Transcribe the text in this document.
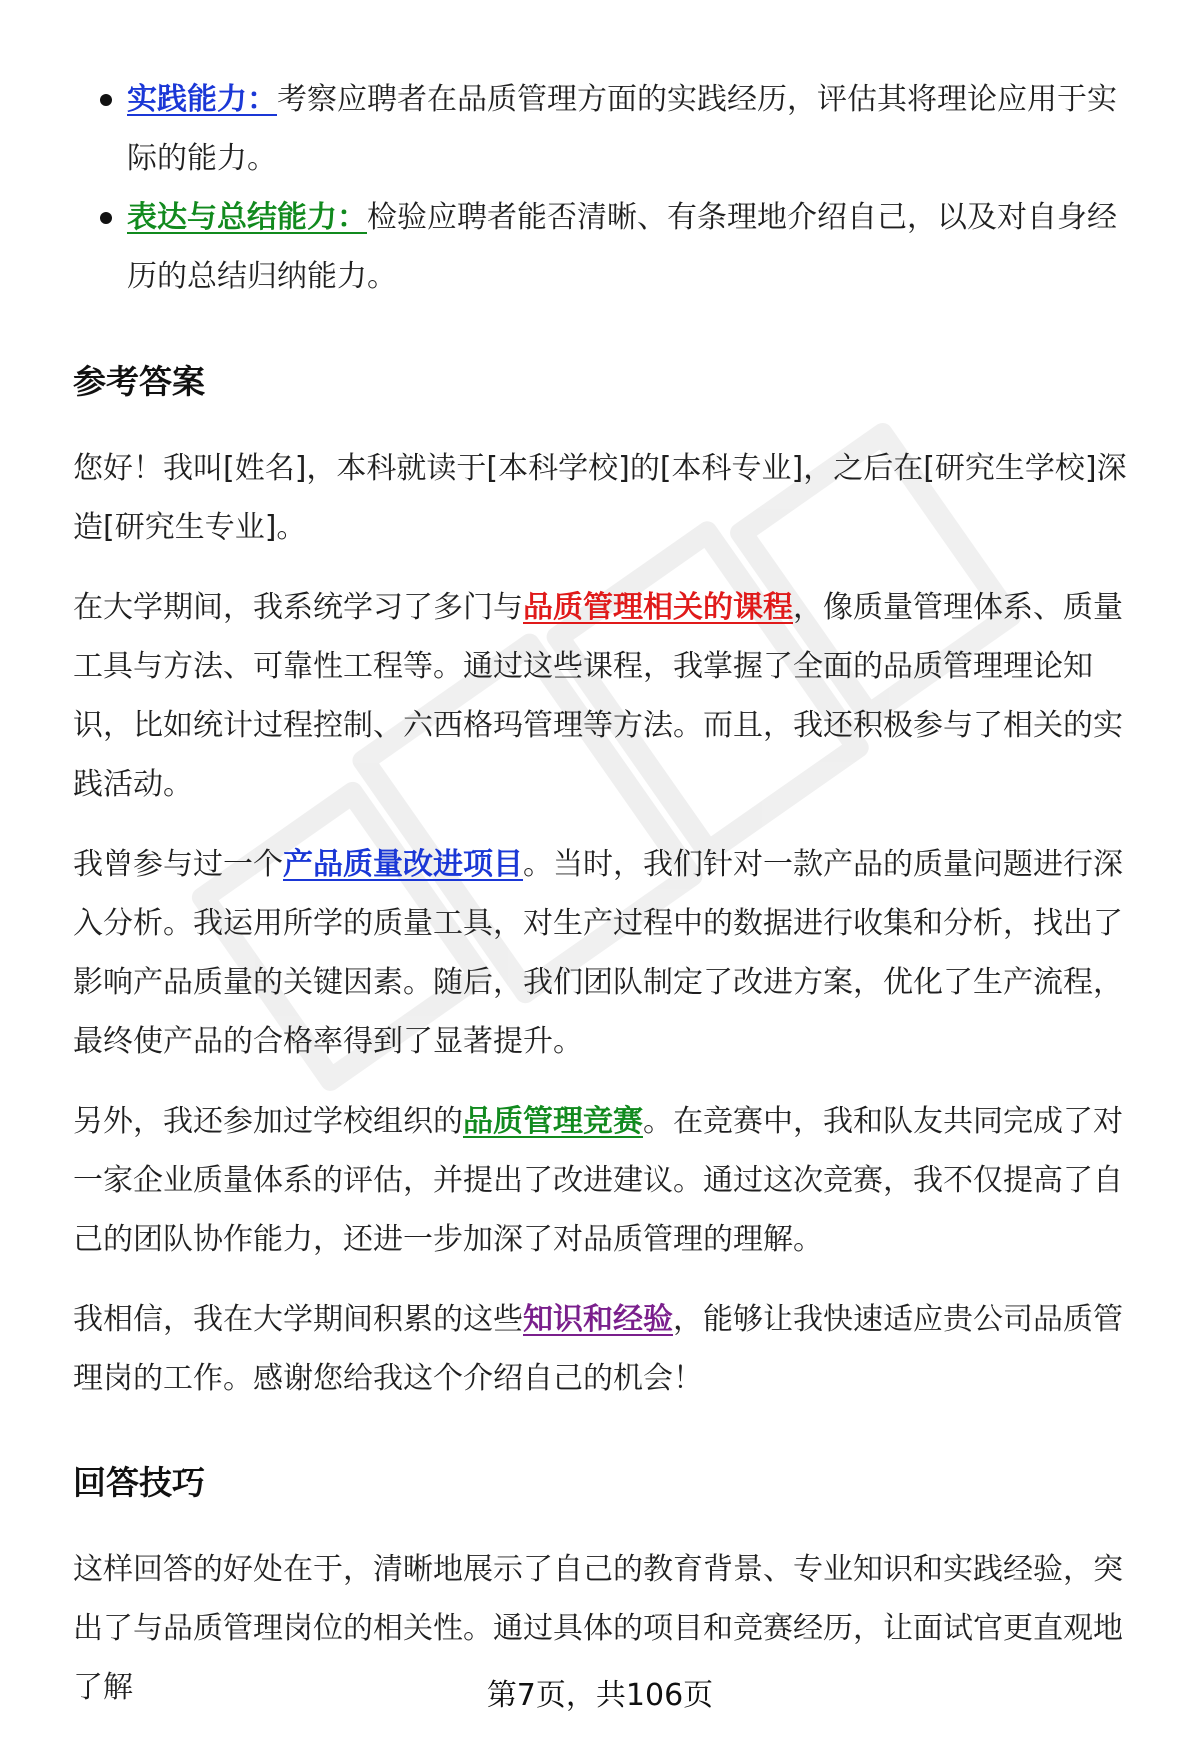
实践能力：考察应聘者在品质管理方面的实践经历，评估其将理论应用于实际的能力。
表达与总结能力：检验应聘者能否清晰、有条理地介绍自己，以及对自身经历的总结归纳能力。
参考答案

您好！我叫[姓名]，本科就读于[本科学校]的[本科专业]，之后在[研究生学校]深造[研究生专业]。

在大学期间，我系统学习了多门与品质管理相关的课程，像质量管理体系、质量工具与方法、可靠性工程等。通过这些课程，我掌握了全面的品质管理理论知识，比如统计过程控制、六西格玛管理等方法。而且，我还积极参与了相关的实践活动。

我曾参与过一个产品质量改进项目。当时，我们针对一款产品的质量问题进行深入分析。我运用所学的质量工具，对生产过程中的数据进行收集和分析，找出了影响产品质量的关键因素。随后，我们团队制定了改进方案，优化了生产流程，最终使产品的合格率得到了显著提升。

另外，我还参加过学校组织的品质管理竞赛。在竞赛中，我和队友共同完成了对一家企业质量体系的评估，并提出了改进建议。通过这次竞赛，我不仅提高了自己的团队协作能力，还进一步加深了对品质管理的理解。

我相信，我在大学期间积累的这些知识和经验，能够让我快速适应贵公司品质管理岗的工作。感谢您给我这个介绍自己的机会！

回答技巧

这样回答的好处在于，清晰地展示了自己的教育背景、专业知识和实践经验，突出了与品质管理岗位的相关性。通过具体的项目和竞赛经历，让面试官更直观地了解	第7页，共106页
